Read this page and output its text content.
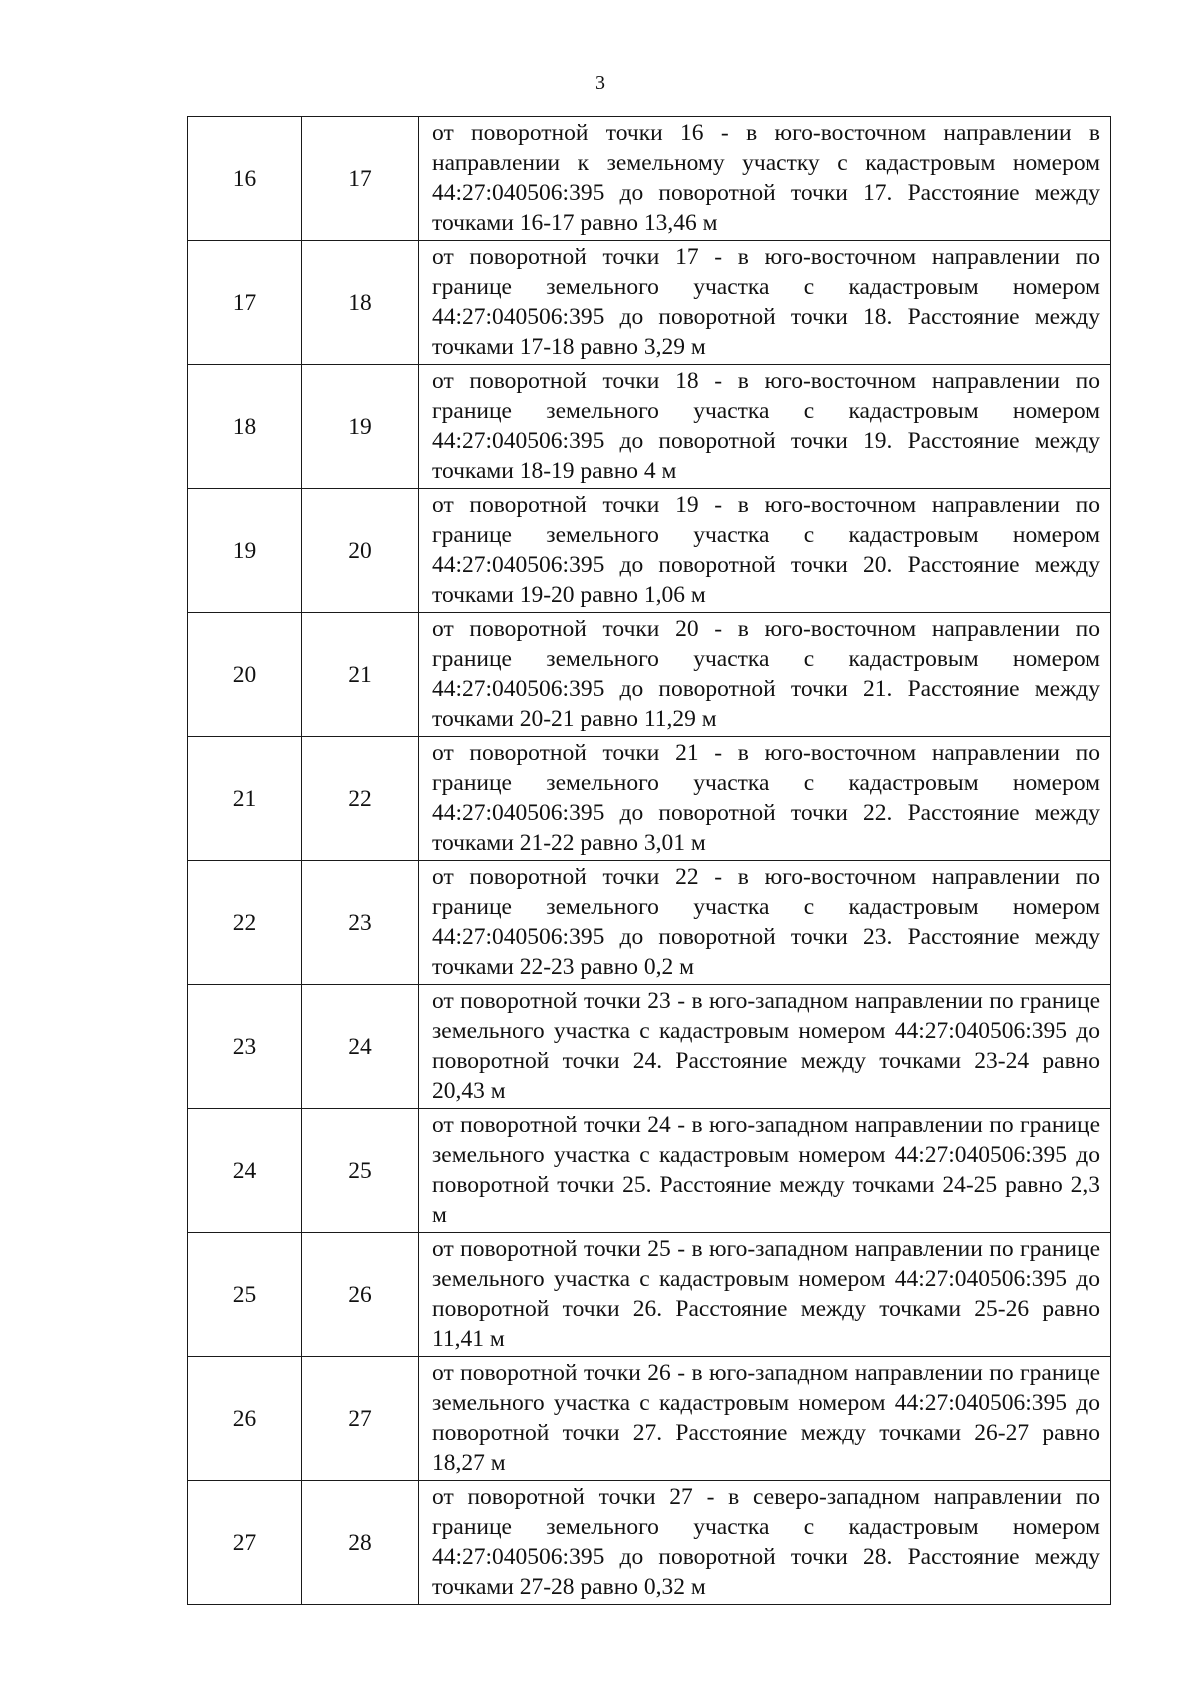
3
16	17	от поворотной точки 16 - в юго-восточном направлении в направлении к земельному участку с кадастровым номером 44:27:040506:395 до поворотной точки 17. Расстояние между точками 16-17 равно 13,46 м

17	18	от поворотной точки 17 - в юго-восточном направлении по границе земельного участка с кадастровым номером 44:27:040506:395 до поворотной точки 18. Расстояние между точками 17-18 равно 3,29 м

18	19	от поворотной точки 18 - в юго-восточном направлении по границе земельного участка с кадастровым номером 44:27:040506:395 до поворотной точки 19. Расстояние между точками 18-19 равно 4 м

19	20	от поворотной точки 19 - в юго-восточном направлении по границе земельного участка с кадастровым номером 44:27:040506:395 до поворотной точки 20. Расстояние между точками 19-20 равно 1,06 м

20	21	от поворотной точки 20 - в юго-восточном направлении по границе земельного участка с кадастровым номером 44:27:040506:395 до поворотной точки 21. Расстояние между точками 20-21 равно 11,29 м

21	22	от поворотной точки 21 - в юго-восточном направлении по границе земельного участка с кадастровым номером 44:27:040506:395 до поворотной точки 22. Расстояние между точками 21-22 равно 3,01 м

22	23	от поворотной точки 22 - в юго-восточном направлении по границе земельного участка с кадастровым номером 44:27:040506:395 до поворотной точки 23. Расстояние между точками 22-23 равно 0,2 м

23	24	от поворотной точки 23 - в юго-западном направлении по границе земельного участка с кадастровым номером 44:27:040506:395 до поворотной точки 24. Расстояние между точками 23-24 равно 20,43 м

24	25	от поворотной точки 24 - в юго-западном направлении по границе земельного участка с кадастровым номером 44:27:040506:395 до поворотной точки 25. Расстояние между точками 24-25 равно 2,3 м

25	26	от поворотной точки 25 - в юго-западном направлении по границе земельного участка с кадастровым номером 44:27:040506:395 до поворотной точки 26. Расстояние между точками 25-26 равно 11,41 м

26	27	от поворотной точки 26 - в юго-западном направлении по границе земельного участка с кадастровым номером 44:27:040506:395 до поворотной точки 27. Расстояние между точками 26-27 равно 18,27 м

27	28	от поворотной точки 27 - в северо-западном направлении по границе земельного участка с кадастровым номером 44:27:040506:395 до поворотной точки 28. Расстояние между точками 27-28 равно 0,32 м
